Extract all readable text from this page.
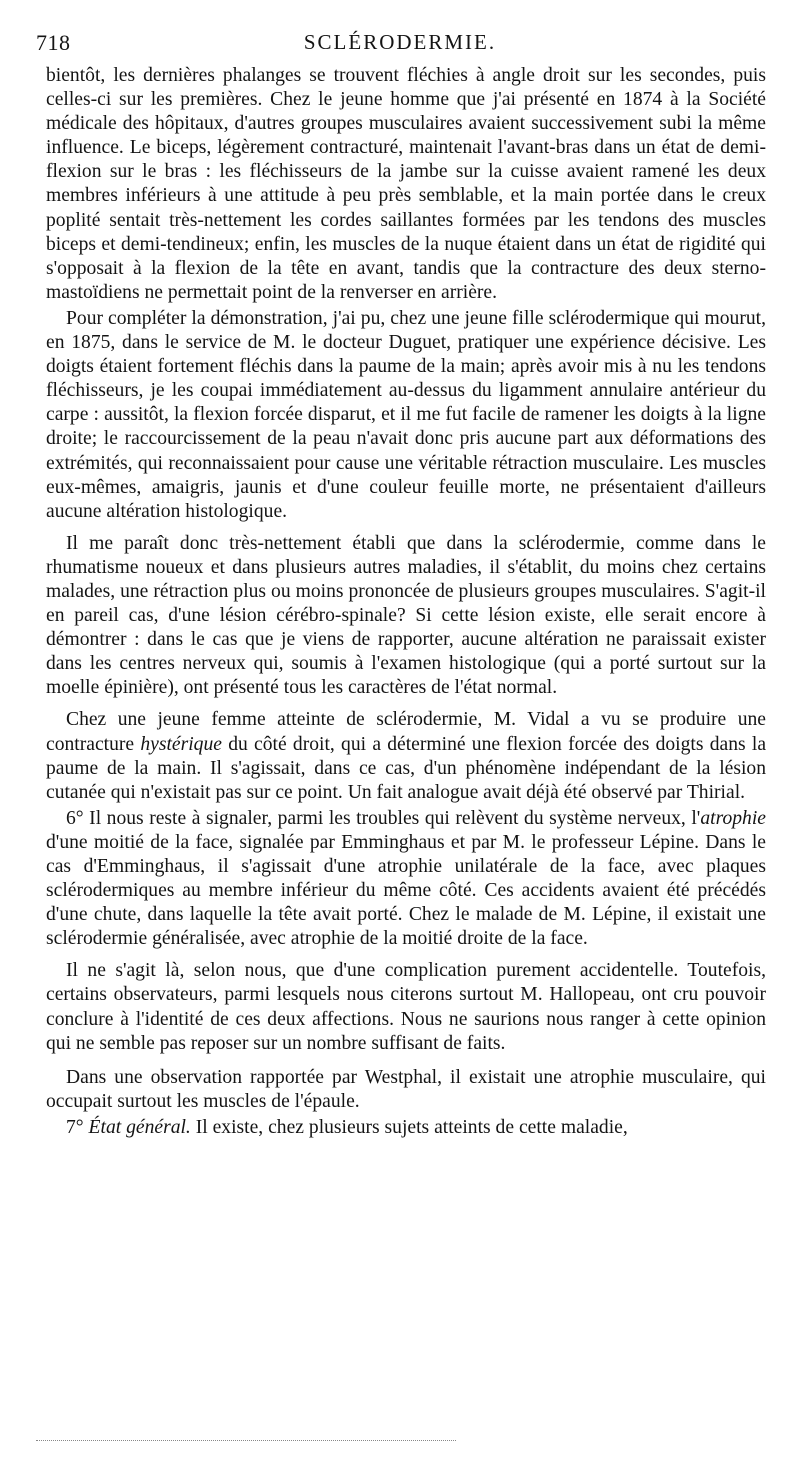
718	SCLÉRODERMIE.

bientôt, les dernières phalanges se trouvent fléchies à angle droit sur les secondes, puis celles-ci sur les premières. Chez le jeune homme que j'ai présenté en 1874 à la Société médicale des hôpitaux, d'autres groupes musculaires avaient successivement subi la même influence. Le biceps, légèrement contracturé, maintenait l'avant-bras dans un état de demi-flexion sur le bras : les fléchisseurs de la jambe sur la cuisse avaient ramené les deux membres inférieurs à une attitude à peu près semblable, et la main portée dans le creux poplité sentait très-nettement les cordes saillantes formées par les tendons des muscles biceps et demi-tendineux; enfin, les muscles de la nuque étaient dans un état de rigidité qui s'opposait à la flexion de la tête en avant, tandis que la contracture des deux sterno-mastoïdiens ne permettait point de la renverser en arrière.

Pour compléter la démonstration, j'ai pu, chez une jeune fille sclérodermique qui mourut, en 1875, dans le service de M. le docteur Duguet, pratiquer une expérience décisive. Les doigts étaient fortement fléchis dans la paume de la main; après avoir mis à nu les tendons fléchisseurs, je les coupai immédiatement au-dessus du ligamment annulaire antérieur du carpe : aussitôt, la flexion forcée disparut, et il me fut facile de ramener les doigts à la ligne droite; le raccourcissement de la peau n'avait donc pris aucune part aux déformations des extrémités, qui reconnaissaient pour cause une véritable rétraction musculaire. Les muscles eux-mêmes, amaigris, jaunis et d'une couleur feuille morte, ne présentaient d'ailleurs aucune altération histologique.

Il me paraît donc très-nettement établi que dans la sclérodermie, comme dans le rhumatisme noueux et dans plusieurs autres maladies, il s'établit, du moins chez certains malades, une rétraction plus ou moins prononcée de plusieurs groupes musculaires. S'agit-il en pareil cas, d'une lésion cérébro-spinale? Si cette lésion existe, elle serait encore à démontrer : dans le cas que je viens de rapporter, aucune altération ne paraissait exister dans les centres nerveux qui, soumis à l'examen histologique (qui a porté surtout sur la moelle épinière), ont présenté tous les caractères de l'état normal.

Chez une jeune femme atteinte de sclérodermie, M. Vidal a vu se produire une contracture hystérique du côté droit, qui a déterminé une flexion forcée des doigts dans la paume de la main. Il s'agissait, dans ce cas, d'un phénomène indépendant de la lésion cutanée qui n'existait pas sur ce point. Un fait analogue avait déjà été observé par Thirial.

6° Il nous reste à signaler, parmi les troubles qui relèvent du système nerveux, l'atrophie d'une moitié de la face, signalée par Emminghaus et par M. le professeur Lépine. Dans le cas d'Emminghaus, il s'agissait d'une atrophie unilatérale de la face, avec plaques sclérodermiques au membre inférieur du même côté. Ces accidents avaient été précédés d'une chute, dans laquelle la tête avait porté. Chez le malade de M. Lépine, il existait une sclérodermie généralisée, avec atrophie de la moitié droite de la face.

Il ne s'agit là, selon nous, que d'une complication purement accidentelle. Toutefois, certains observateurs, parmi lesquels nous citerons surtout M. Hallopeau, ont cru pouvoir conclure à l'identité de ces deux affections. Nous ne saurions nous ranger à cette opinion qui ne semble pas reposer sur un nombre suffisant de faits.

Dans une observation rapportée par Westphal, il existait une atrophie musculaire, qui occupait surtout les muscles de l'épaule.

7° État général. Il existe, chez plusieurs sujets atteints de cette maladie,
